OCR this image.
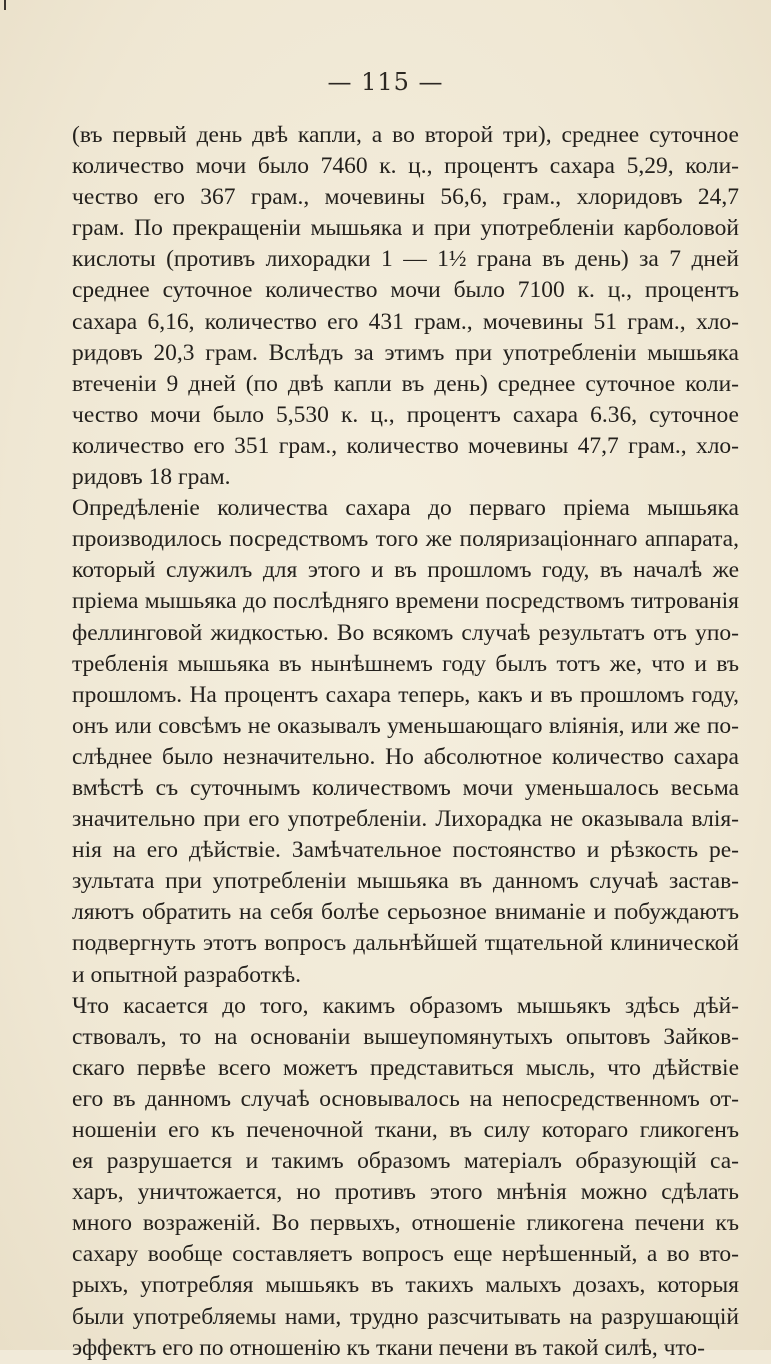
— 115 —
(въ первый день двѣ капли, а во второй три), среднее суточное
количество мочи было 7460 к. ц., процентъ сахара 5,29, коли-
чество его 367 грам., мочевины 56,6, грам., хлоридовъ 24,7
грам. По прекращеніи мышьяка и при употребленіи карболовой
кислоты (противъ лихорадки 1 — 1½ грана въ день) за 7 дней
среднее суточное количество мочи было 7100 к. ц., процентъ
сахара 6,16, количество его 431 грам., мочевины 51 грам., хло-
ридовъ 20,3 грам. Вслѣдъ за этимъ при употребленіи мышьяка
втеченіи 9 дней (по двѣ капли въ день) среднее суточное коли-
чество мочи было 5,530 к. ц., процентъ сахара 6.36, суточное
количество его 351 грам., количество мочевины 47,7 грам., хло-
ридовъ 18 грам.
Опредѣленіе количества сахара до перваго пріема мышьяка
производилось посредствомъ того же поляризаціоннаго аппарата,
который служилъ для этого и въ прошломъ году, въ началѣ же
пріема мышьяка до послѣдняго времени посредствомъ титрованія
феллинговой жидкостью. Во всякомъ случаѣ результатъ отъ упо-
требленія мышьяка въ нынѣшнемъ году былъ тотъ же, что и въ
прошломъ. На процентъ сахара теперь, какъ и въ прошломъ году,
онъ или совсѣмъ не оказывалъ уменьшающаго вліянія, или же по-
слѣднее было незначительно. Но абсолютное количество сахара
вмѣстѣ съ суточнымъ количествомъ мочи уменьшалось весьма
значительно при его употребленіи. Лихорадка не оказывала влія-
нія на его дѣйствіе. Замѣчательное постоянство и рѣзкость ре-
зультата при употребленіи мышьяка въ данномъ случаѣ застав-
ляютъ обратить на себя болѣе серьозное вниманіе и побуждаютъ
подвергнуть этотъ вопросъ дальнѣйшей тщательной клинической
и опытной разработкѣ.
Что касается до того, какимъ образомъ мышьякъ здѣсь дѣй-
ствовалъ, то на основаніи вышеупомянутыхъ опытовъ Зайков-
скаго первѣе всего можетъ представиться мысль, что дѣйствіе
его въ данномъ случаѣ основывалось на непосредственномъ от-
ношеніи его къ печеночной ткани, въ силу котораго гликогенъ
ея разрушается и такимъ образомъ матеріалъ образующій са-
харъ, уничтожается, но противъ этого мнѣнія можно сдѣлать
много возраженій. Во первыхъ, отношеніе гликогена печени къ
сахару вообще составляетъ вопросъ еще нерѣшенный, а во вто-
рыхъ, употребляя мышьякъ въ такихъ малыхъ дозахъ, которыя
были употребляемы нами, трудно разсчитывать на разрушающій
эффектъ его по отношенію къ ткани печени въ такой силѣ, что-
